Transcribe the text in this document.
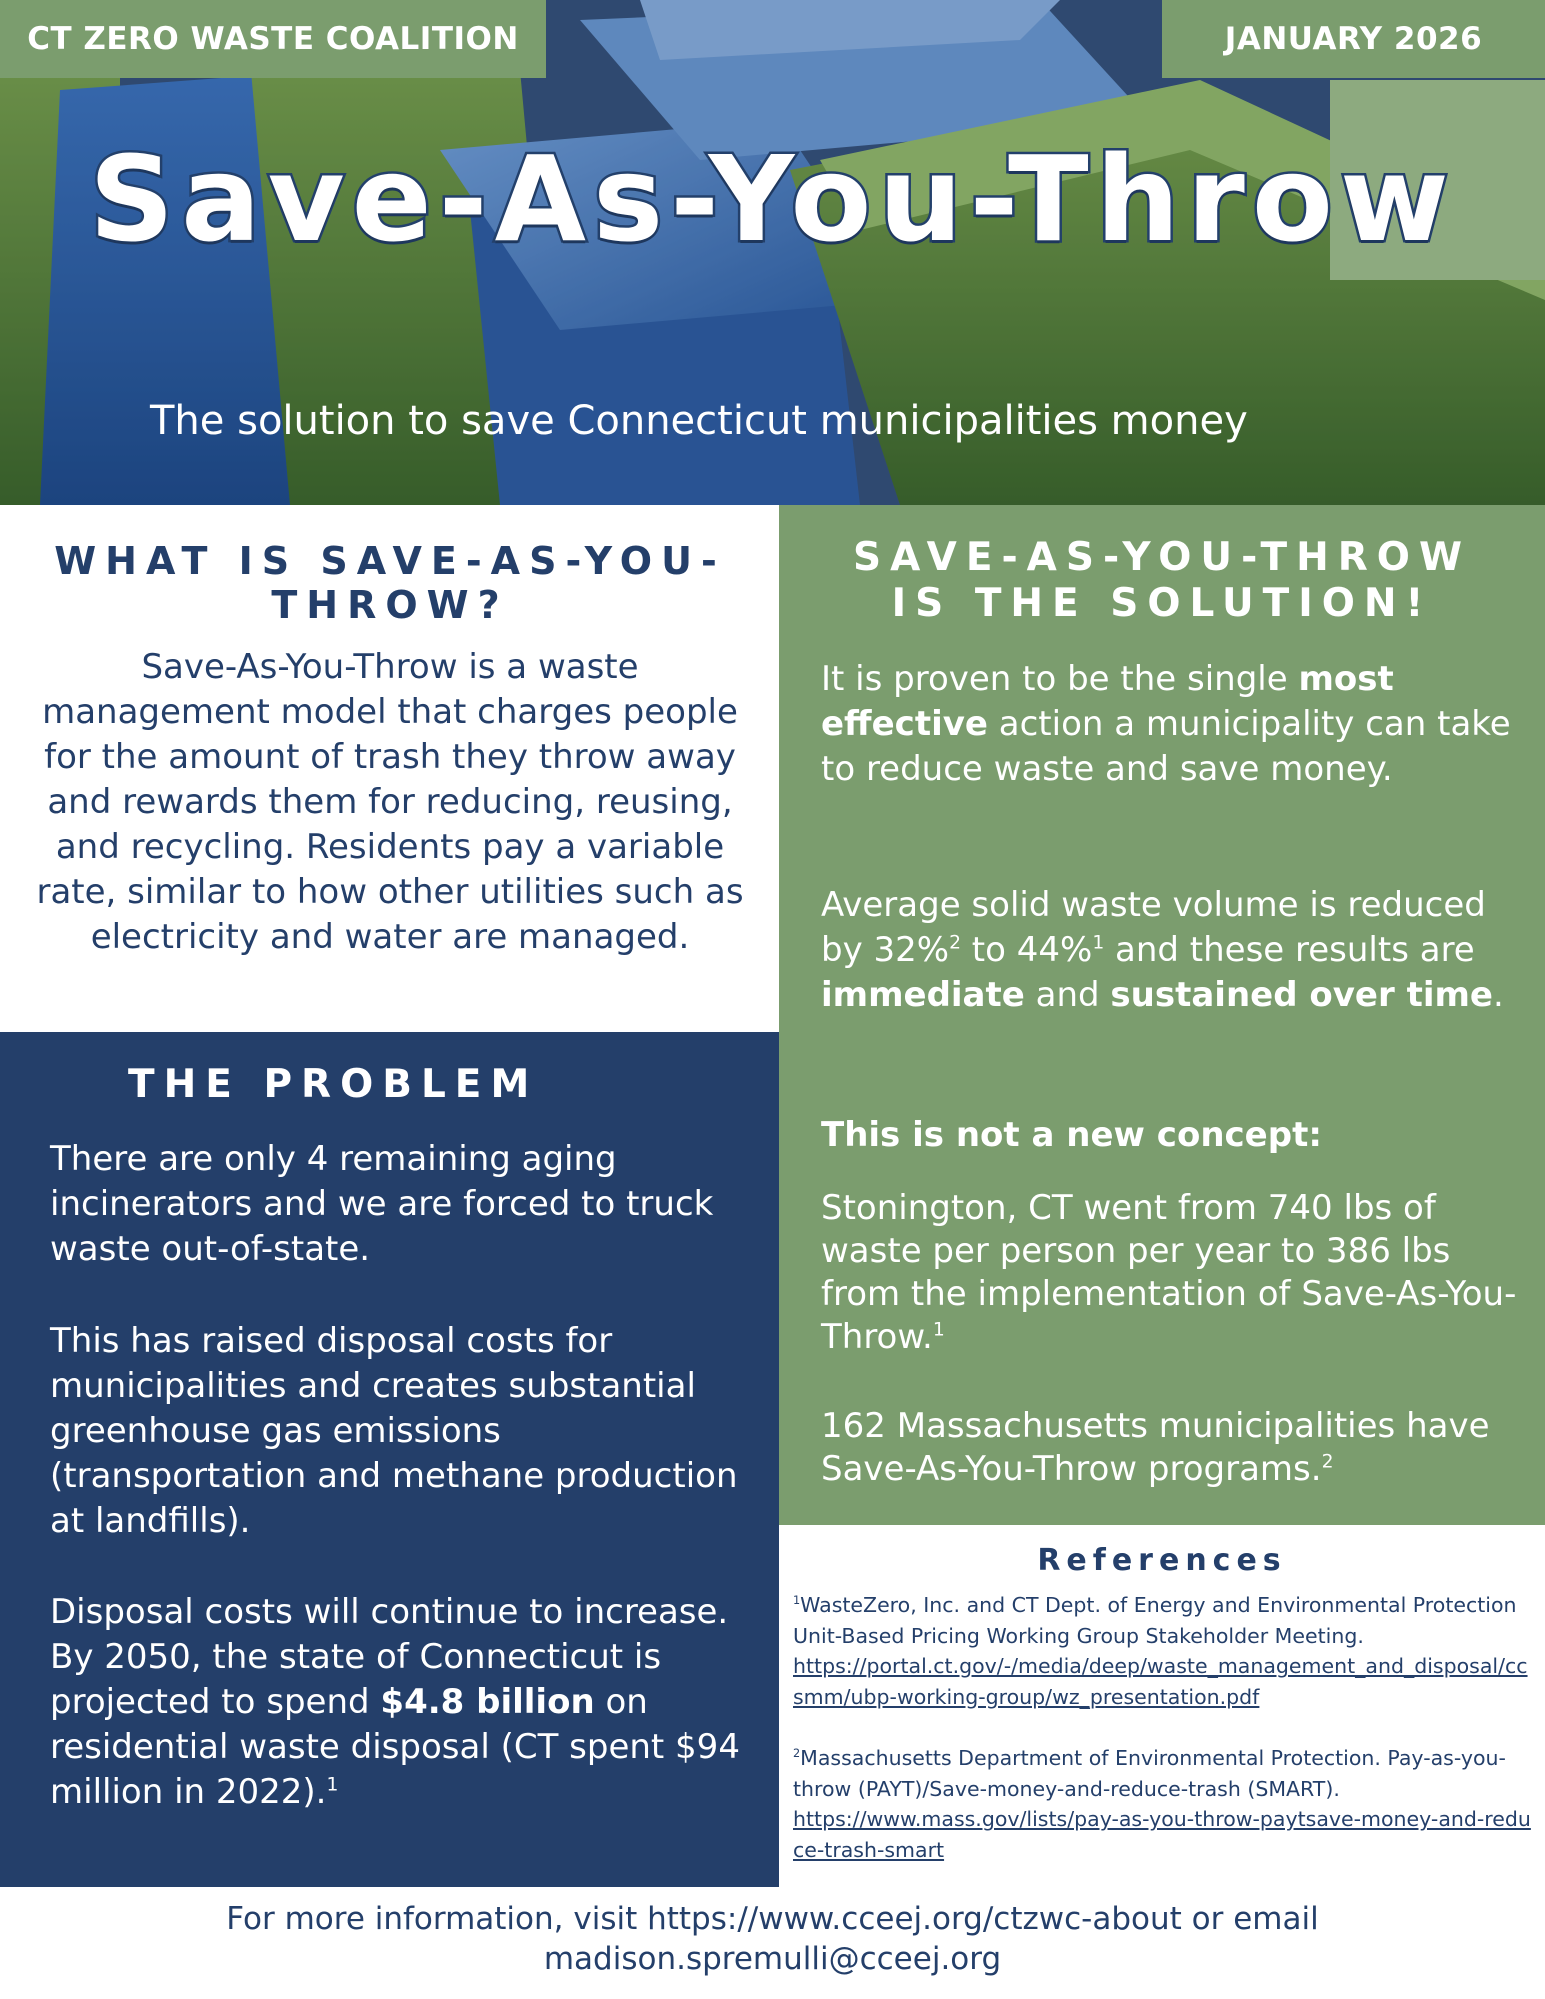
CT ZERO WASTE COALITION	JANUARY 2026
Save-As-You-Throw
The solution to save Connecticut municipalities money
WHAT IS SAVE-AS-YOU-THROW?

Save-As-You-Throw is a waste management model that charges people for the amount of trash they throw away and rewards them for reducing, reusing, and recycling. Residents pay a variable rate, similar to how other utilities such as electricity and water are managed.

THE PROBLEM

There are only 4 remaining aging incinerators and we are forced to truck waste out-of-state.

This has raised disposal costs for municipalities and creates substantial greenhouse gas emissions (transportation and methane production at landfills).

Disposal costs will continue to increase. By 2050, the state of Connecticut is projected to spend $4.8 billion on residential waste disposal (CT spent $94 million in 2022).$^1$

SAVE-AS-YOU-THROW
IS THE SOLUTION!

It is proven to be the single most effective action a municipality can take to reduce waste and save money.

Average solid waste volume is reduced by 32%$^2$ to 44%$^1$ and these results are immediate and sustained over time.

This is not a new concept:

Stonington, CT went from 740 lbs of waste per person per year to 386 lbs from the implementation of Save-As-You-Throw.$^1$

162 Massachusetts municipalities have Save-As-You-Throw programs.$^2$

References

$^1$WasteZero, Inc. and CT Dept. of Energy and Environmental Protection Unit-Based Pricing Working Group Stakeholder Meeting.
https://portal.ct.gov/-/media/deep/waste_management_and_disposal/ccsmm/ubp-working-group/wz_presentation.pdf

$^2$Massachusetts Department of Environmental Protection. Pay-as-you-throw (PAYT)/Save-money-and-reduce-trash (SMART).
https://www.mass.gov/lists/pay-as-you-throw-paytsave-money-and-reduce-trash-smart

For more information, visit https://www.cceej.org/ctzwc-about or email madison.spremulli@cceej.org
